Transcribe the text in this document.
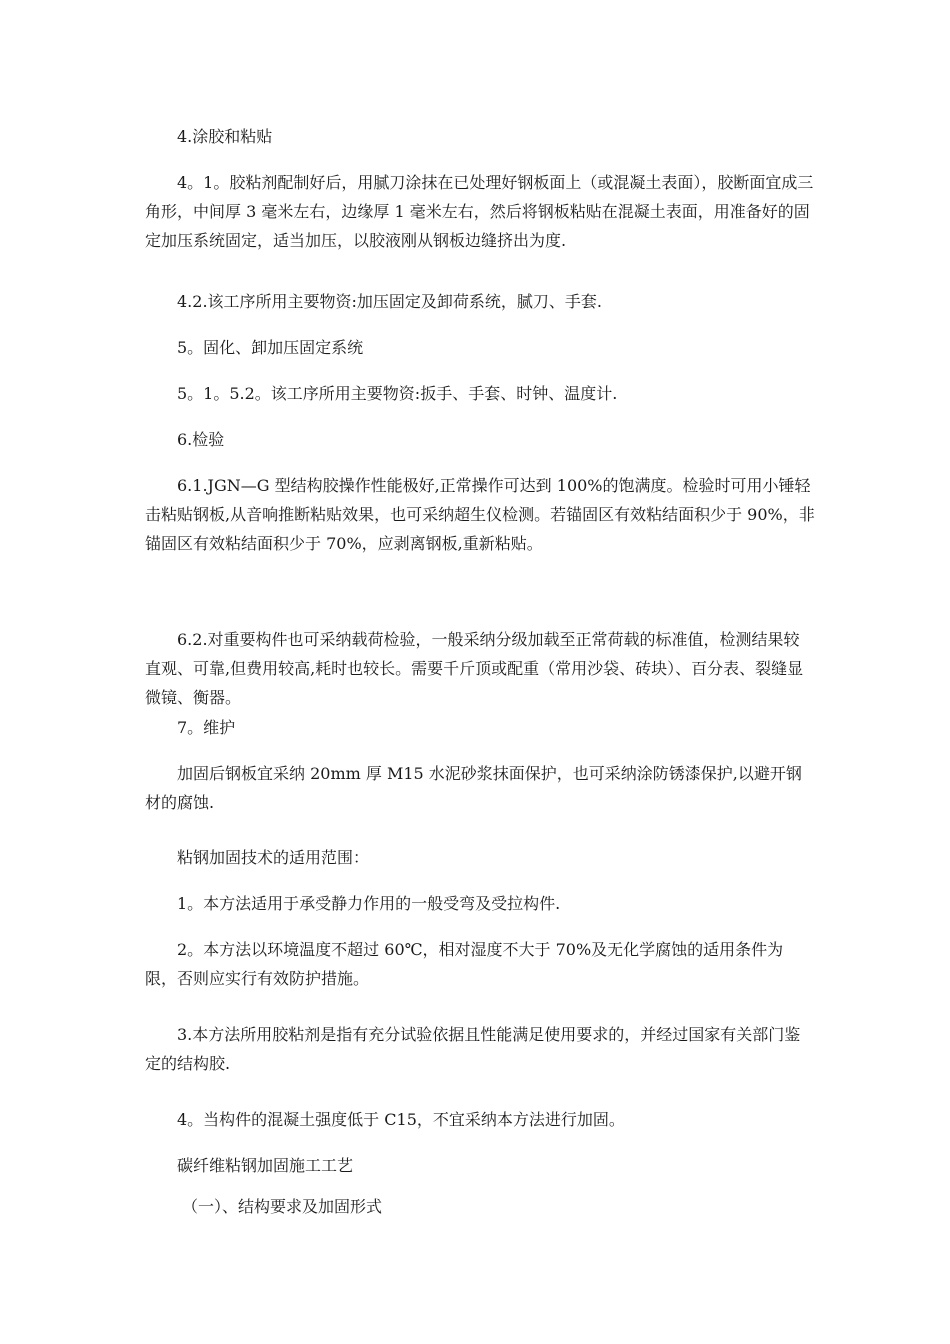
4.涂胶和粘贴

4。1。胶粘剂配制好后，用腻刀涂抹在已处理好钢板面上（或混凝土表面），胶断面宜成三角形，中间厚 3 毫米左右，边缘厚 1 毫米左右，然后将钢板粘贴在混凝土表面，用准备好的固定加压系统固定，适当加压，以胶液刚从钢板边缝挤出为度.

4.2.该工序所用主要物资:加压固定及卸荷系统，腻刀、手套.

5。固化、卸加压固定系统

5。1。5.2。该工序所用主要物资:扳手、手套、时钟、温度计.

6.检验

6.1.JGN—G 型结构胶操作性能极好,正常操作可达到 100%的饱满度。检验时可用小锤轻击粘贴钢板,从音响推断粘贴效果，也可采纳超生仪检测。若锚固区有效粘结面积少于 90%，非锚固区有效粘结面积少于 70%，应剥离钢板,重新粘贴。

6.2.对重要构件也可采纳载荷检验，一般采纳分级加载至正常荷载的标准值，检测结果较直观、可靠,但费用较高,耗时也较长。需要千斤顶或配重（常用沙袋、砖块）、百分表、裂缝显微镜、衡器。

7。维护

加固后钢板宜采纳 20mm 厚 M15 水泥砂浆抹面保护，也可采纳涂防锈漆保护,以避开钢材的腐蚀.

粘钢加固技术的适用范围：

1。本方法适用于承受静力作用的一般受弯及受拉构件.

2。本方法以环境温度不超过 60℃，相对湿度不大于 70%及无化学腐蚀的适用条件为限，否则应实行有效防护措施。

3.本方法所用胶粘剂是指有充分试验依据且性能满足使用要求的，并经过国家有关部门鉴定的结构胶.

4。当构件的混凝土强度低于 C15，不宜采纳本方法进行加固。

碳纤维粘钢加固施工工艺

（一）、结构要求及加固形式
